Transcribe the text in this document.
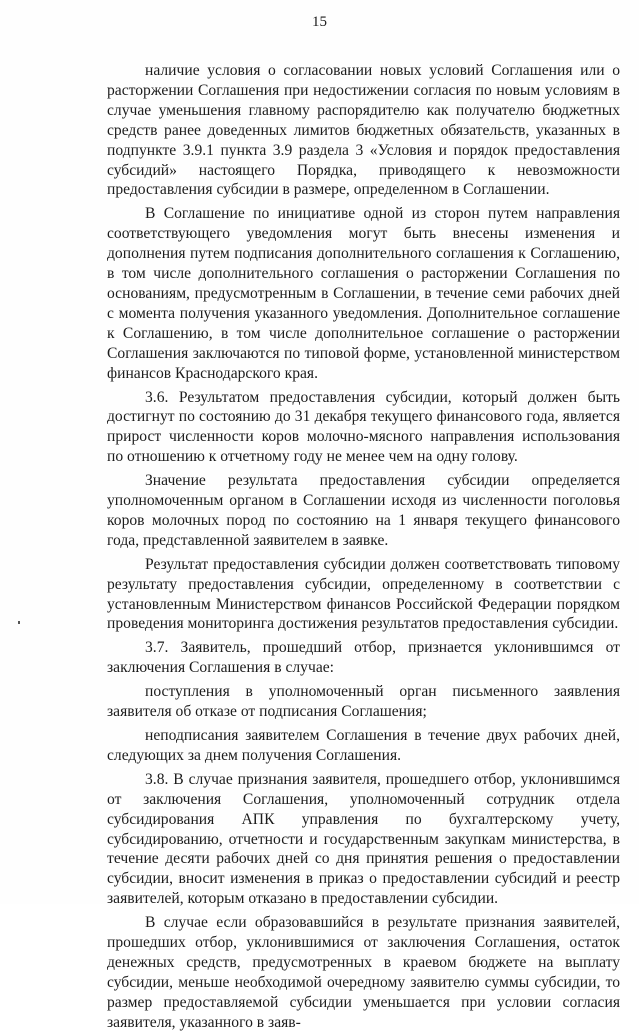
15

наличие условия о согласовании новых условий Соглашения или о расторжении Соглашения при недостижении согласия по новым условиям в случае уменьшения главному распорядителю как получателю бюджетных средств ранее доведенных лимитов бюджетных обязательств, указанных в подпункте 3.9.1 пункта 3.9 раздела 3 «Условия и порядок предоставления субсидий» настоящего Порядка, приводящего к невозможности предоставления субсидии в размере, определенном в Соглашении.

В Соглашение по инициативе одной из сторон путем направления соответствующего уведомления могут быть внесены изменения и дополнения путем подписания дополнительного соглашения к Соглашению, в том числе дополнительного соглашения о расторжении Соглашения по основаниям, предусмотренным в Соглашении, в течение семи рабочих дней с момента получения указанного уведомления. Дополнительное соглашение к Соглашению, в том числе дополнительное соглашение о расторжении Соглашения заключаются по типовой форме, установленной министерством финансов Краснодарского края.

3.6. Результатом предоставления субсидии, который должен быть достигнут по состоянию до 31 декабря текущего финансового года, является прирост численности коров молочно-мясного направления использования по отношению к отчетному году не менее чем на одну голову.

Значение результата предоставления субсидии определяется уполномоченным органом в Соглашении исходя из численности поголовья коров молочных пород по состоянию на 1 января текущего финансового года, представленной заявителем в заявке.

Результат предоставления субсидии должен соответствовать типовому результату предоставления субсидии, определенному в соответствии с установленным Министерством финансов Российской Федерации порядком проведения мониторинга достижения результатов предоставления субсидии.

3.7. Заявитель, прошедший отбор, признается уклонившимся от заключения Соглашения в случае:

поступления в уполномоченный орган письменного заявления заявителя об отказе от подписания Соглашения;

неподписания заявителем Соглашения в течение двух рабочих дней, следующих за днем получения Соглашения.

3.8. В случае признания заявителя, прошедшего отбор, уклонившимся от заключения Соглашения, уполномоченный сотрудник отдела субсидирования АПК управления по бухгалтерскому учету, субсидированию, отчетности и государственным закупкам министерства, в течение десяти рабочих дней со дня принятия решения о предоставлении субсидии, вносит изменения в приказ о предоставлении субсидий и реестр заявителей, которым отказано в предоставлении субсидии.

В случае если образовавшийся в результате признания заявителей, прошедших отбор, уклонившимися от заключения Соглашения, остаток денежных средств, предусмотренных в краевом бюджете на выплату субсидии, меньше необходимой очередному заявителю суммы субсидии, то размер предоставляемой субсидии уменьшается при условии согласия заявителя, указанного в заяв-
